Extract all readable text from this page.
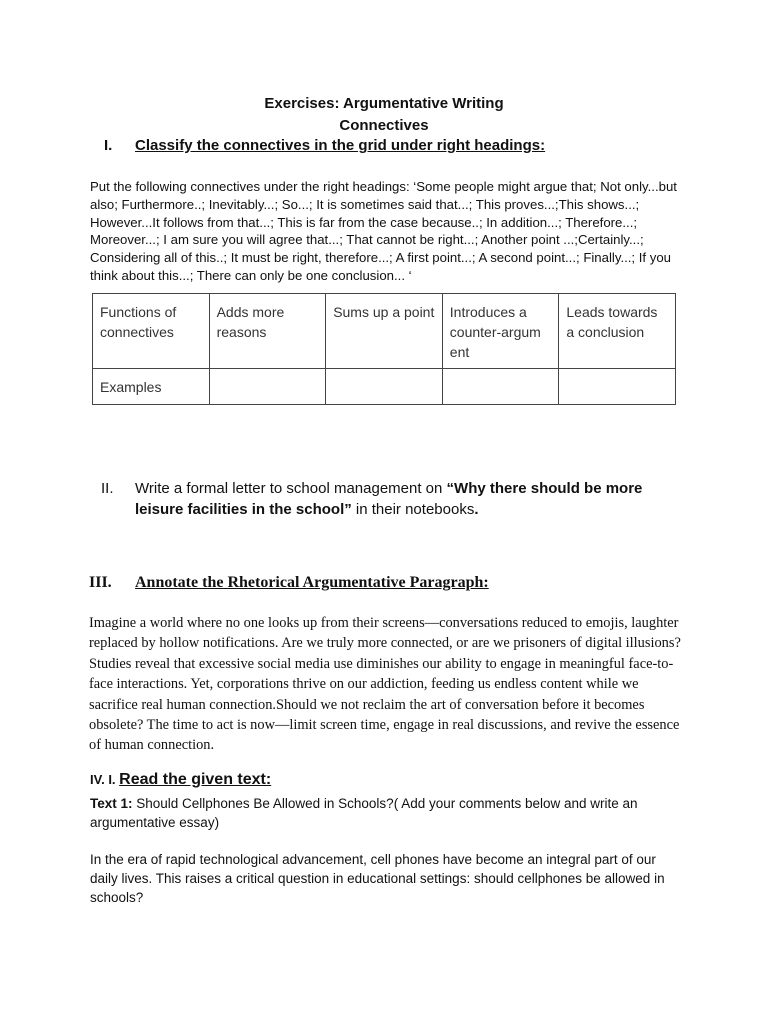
Exercises: Argumentative Writing
Connectives
I. Classify the connectives in the grid under right headings:
Put the following connectives under the right headings: ‘Some people might argue that; Not only...but also; Furthermore..; Inevitably...; So...; It is sometimes said that...; This proves...;This shows...; However...It follows from that...; This is far from the case because..; In addition...; Therefore...; Moreover...; I am sure you will agree that...; That cannot be right...; Another point ...;Certainly...; Considering all of this..; It must be right, therefore...; A first point...; A second point...; Finally...; If you think about this...; There can only be one conclusion... ‘
Functions of connectives	Adds more reasons	Sums up a point	Introduces a counter-argum ent	Leads towards a conclusion
Examples				
II. Write a formal letter to school management on “Why there should be more leisure facilities in the school” in their notebooks.
III. Annotate the Rhetorical Argumentative Paragraph:
Imagine a world where no one looks up from their screens—conversations reduced to emojis, laughter replaced by hollow notifications. Are we truly more connected, or are we prisoners of digital illusions? Studies reveal that excessive social media use diminishes our ability to engage in meaningful face-to-face interactions. Yet, corporations thrive on our addiction, feeding us endless content while we sacrifice real human connection.Should we not reclaim the art of conversation before it becomes obsolete? The time to act is now—limit screen time, engage in real discussions, and revive the essence of human connection.
IV. I. Read the given text:
Text 1: Should Cellphones Be Allowed in Schools?( Add your comments below and write an argumentative essay)
In the era of rapid technological advancement, cell phones have become an integral part of our daily lives. This raises a critical question in educational settings: should cellphones be allowed in schools?
